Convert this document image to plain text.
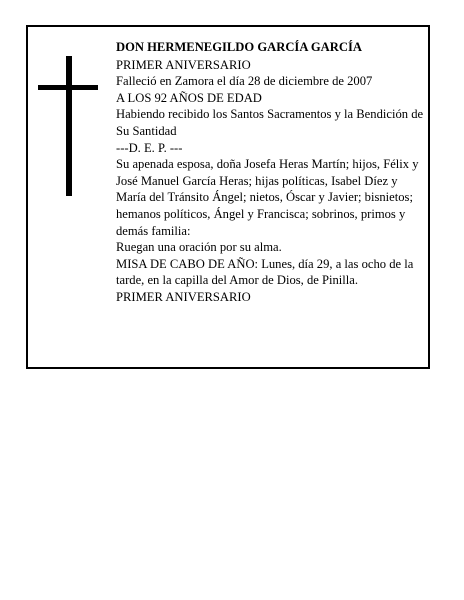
DON HERMENEGILDO GARCÍA GARCÍA

PRIMER ANIVERSARIO

Falleció en Zamora el día 28 de diciembre de 2007

A LOS 92 AÑOS DE EDAD

Habiendo recibido los Santos Sacramentos y la Bendición de Su Santidad

---D. E. P. ---

Su apenada esposa, doña Josefa Heras Martín; hijos, Félix y José Manuel García Heras; hijas políticas, Isabel Díez y María del Tránsito Ángel; nietos, Óscar y Javier; bisnietos; hemanos políticos, Ángel y Francisca; sobrinos, primos y demás familia:

Ruegan una oración por su alma.

MISA DE CABO DE AÑO: Lunes, día 29, a las ocho de la tarde, en la capilla del Amor de Dios, de Pinilla.

PRIMER ANIVERSARIO
